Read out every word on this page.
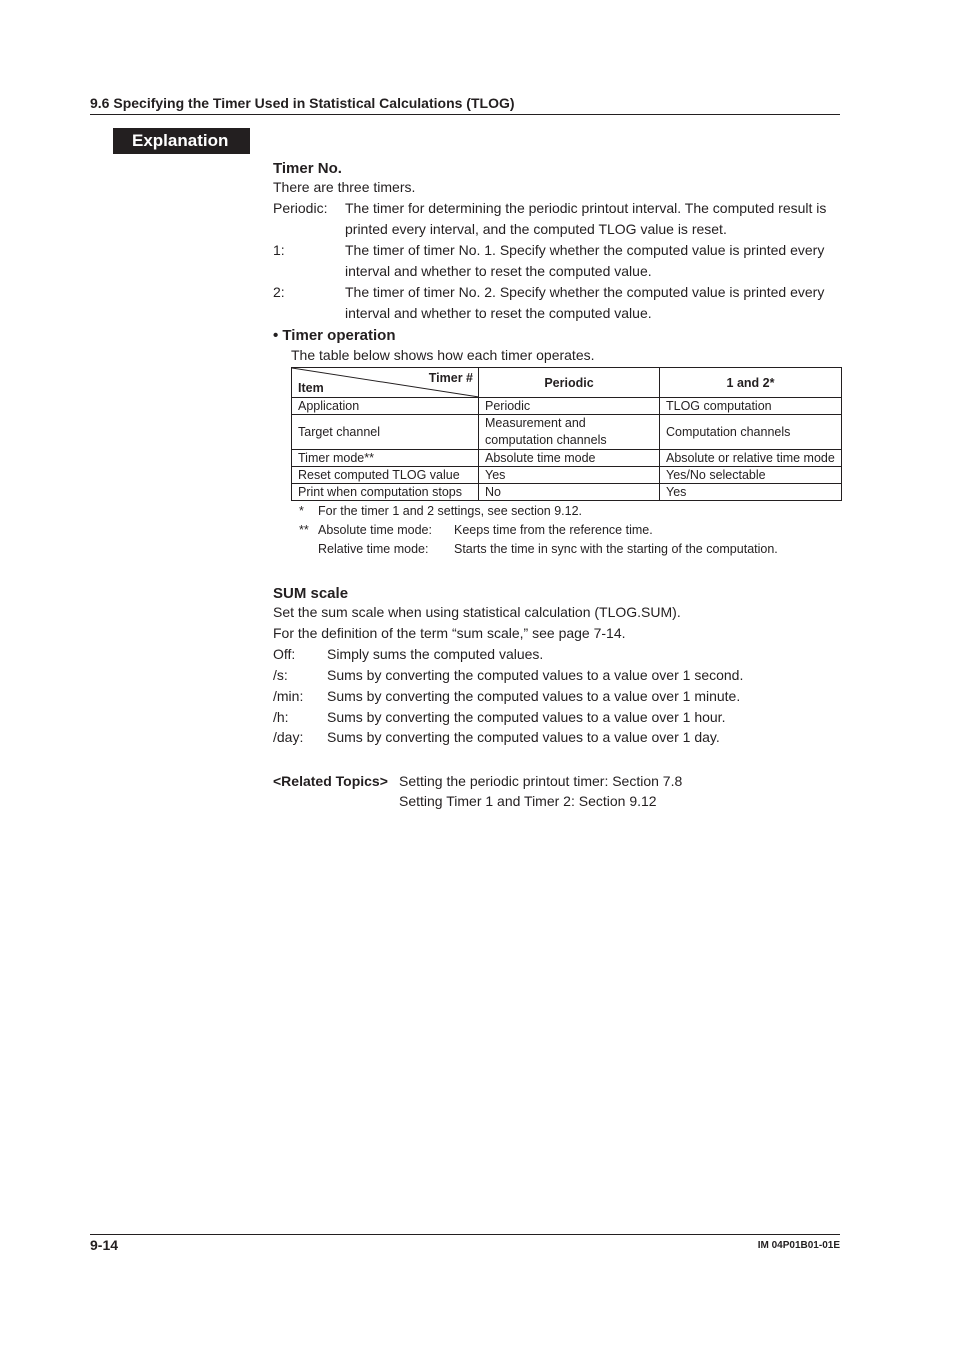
9.6 Specifying the Timer Used in Statistical Calculations (TLOG)
Explanation
Timer No.
There are three timers.
Periodic: The timer for determining the periodic printout interval. The computed result is printed every interval, and the computed TLOG value is reset.
1:	The timer of timer No. 1. Specify whether the computed value is printed every interval and whether to reset the computed value.
2:	The timer of timer No. 2. Specify whether the computed value is printed every interval and whether to reset the computed value.
• Timer operation
The table below shows how each timer operates.
Timer #
Item	Periodic	1 and 2*
Application	Periodic	TLOG computation
Target channel	Measurement and computation channels	Computation channels
Timer mode**	Absolute time mode	Absolute or relative time mode
Reset computed TLOG value	Yes	Yes/No selectable
Print when computation stops	No	Yes
* For the timer 1 and 2 settings, see section 9.12.
** Absolute time mode: Keeps time from the reference time.
Relative time mode: Starts the time in sync with the starting of the computation.
SUM scale
Set the sum scale when using statistical calculation (TLOG.SUM).
For the definition of the term “sum scale,” see page 7-14.
Off: Simply sums the computed values.
/s:	Sums by converting the computed values to a value over 1 second.
/min: Sums by converting the computed values to a value over 1 minute.
/h:	Sums by converting the computed values to a value over 1 hour.
/day: Sums by converting the computed values to a value over 1 day.
<Related Topics> Setting the periodic printout timer: Section 7.8
Setting Timer 1 and Timer 2: Section 9.12
9-14	IM 04P01B01-01E
